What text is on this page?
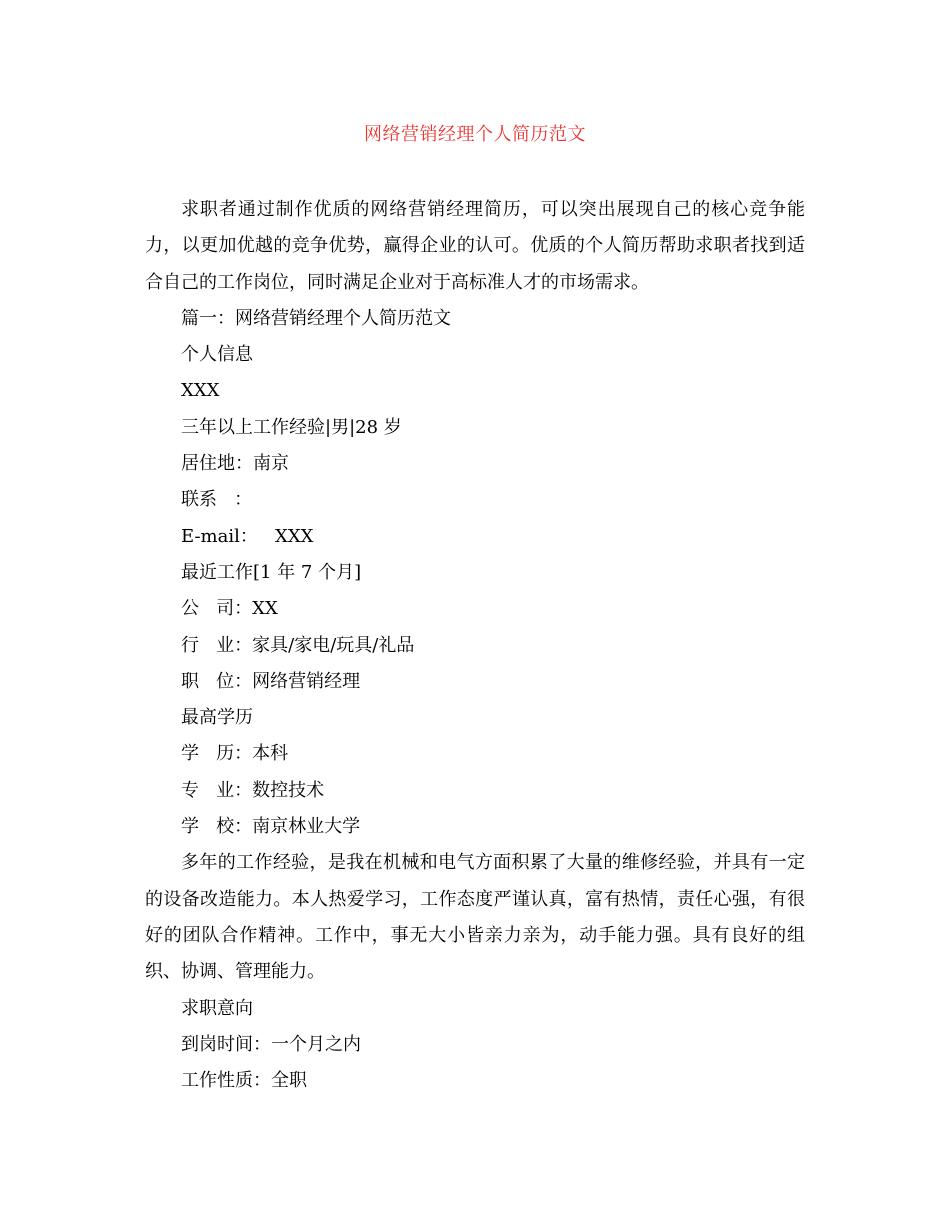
网络营销经理个人简历范文

求职者通过制作优质的网络营销经理简历，可以突出展现自己的核心竞争能力，以更加优越的竞争优势，赢得企业的认可。优质的个人简历帮助求职者找到适合自己的工作岗位，同时满足企业对于高标准人才的市场需求。

篇一：网络营销经理个人简历范文

个人信息

XXX

三年以上工作经验|男|28 岁

居住地：南京

联系   ：

E-mail：   XXX

最近工作[1 年 7 个月]

公   司：XX

行   业：家具/家电/玩具/礼品

职   位：网络营销经理

最高学历

学   历：本科

专   业：数控技术

学   校：南京林业大学

多年的工作经验，是我在机械和电气方面积累了大量的维修经验，并具有一定的设备改造能力。本人热爱学习，工作态度严谨认真，富有热情，责任心强，有很好的团队合作精神。工作中，事无大小皆亲力亲为，动手能力强。具有良好的组织、协调、管理能力。

求职意向

到岗时间：一个月之内

工作性质：全职
